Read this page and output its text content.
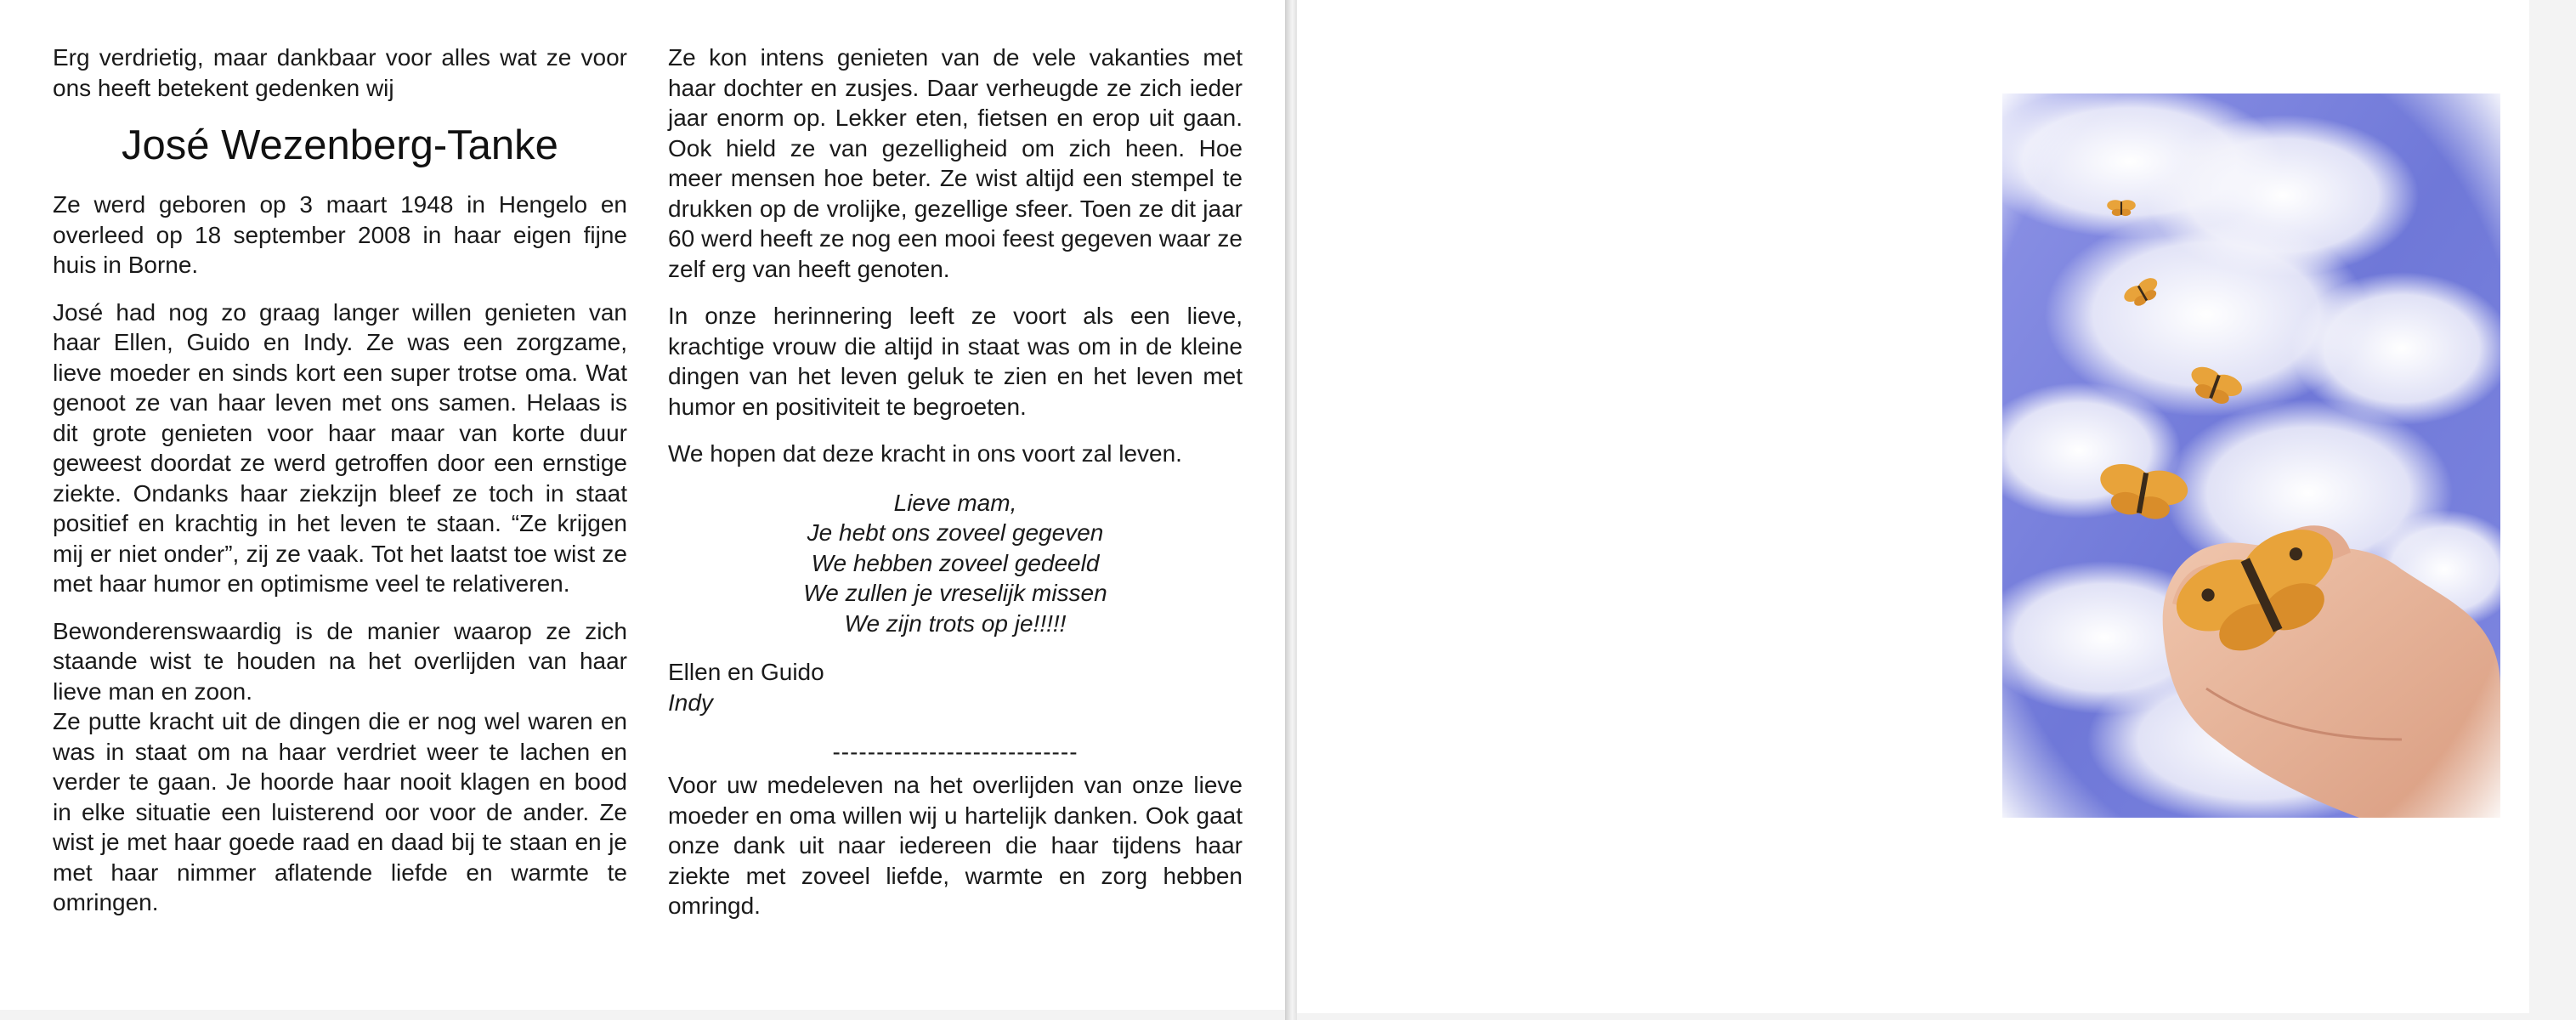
Erg verdrietig, maar dankbaar voor alles wat ze voor ons heeft betekent gedenken wij

José Wezenberg-Tanke

Ze werd geboren op 3 maart 1948 in Hengelo en overleed op 18 september 2008 in haar eigen fijne huis in Borne.

José had nog zo graag langer willen genieten van haar Ellen, Guido en Indy. Ze was een zorgzame, lieve moeder en sinds kort een super trotse oma. Wat genoot ze van haar leven met ons samen. Helaas is dit grote genieten voor haar maar van korte duur geweest doordat ze werd getroffen door een ernstige ziekte. Ondanks haar ziekzijn bleef ze toch in staat positief en krachtig in het leven te staan. “Ze krijgen mij er niet onder”, zij ze vaak. Tot het laatst toe wist ze met haar humor en optimisme veel te relativeren.

Bewonderenswaardig is de manier waarop ze zich staande wist te houden na het overlijden van haar lieve man en zoon.

Ze putte kracht uit de dingen die er nog wel waren en was in staat om na haar verdriet weer te lachen en verder te gaan. Je hoorde haar nooit klagen en bood in elke situatie een luisterend oor voor de ander. Ze wist je met haar goede raad en daad bij te staan en je met haar nimmer aflatende liefde en warmte te omringen.

Ze kon intens genieten van de vele vakanties met haar dochter en zusjes. Daar verheugde ze zich ieder jaar enorm op. Lekker eten, fietsen en erop uit gaan. Ook hield ze van gezelligheid om zich heen. Hoe meer mensen hoe beter. Ze wist altijd een stempel te drukken op de vrolijke, gezellige sfeer. Toen ze dit jaar 60 werd heeft ze nog een mooi feest gegeven waar ze zelf erg van heeft genoten.

In onze herinnering leeft ze voort als een lieve, krachtige vrouw die altijd in staat was om in de kleine dingen van het leven geluk te zien en het leven met humor en positiviteit te begroeten.

We hopen dat deze kracht in ons voort zal leven.

Lieve mam,
Je hebt ons zoveel gegeven
We hebben zoveel gedeeld
We zullen je vreselijk missen
We zijn trots op je!!!!!
Ellen en Guido
Indy
----------------------------

Voor uw medeleven na het overlijden van onze lieve moeder en oma willen wij u hartelijk danken. Ook gaat onze dank uit naar iedereen die haar tijdens haar ziekte met zoveel liefde, warmte en zorg hebben omringd.
